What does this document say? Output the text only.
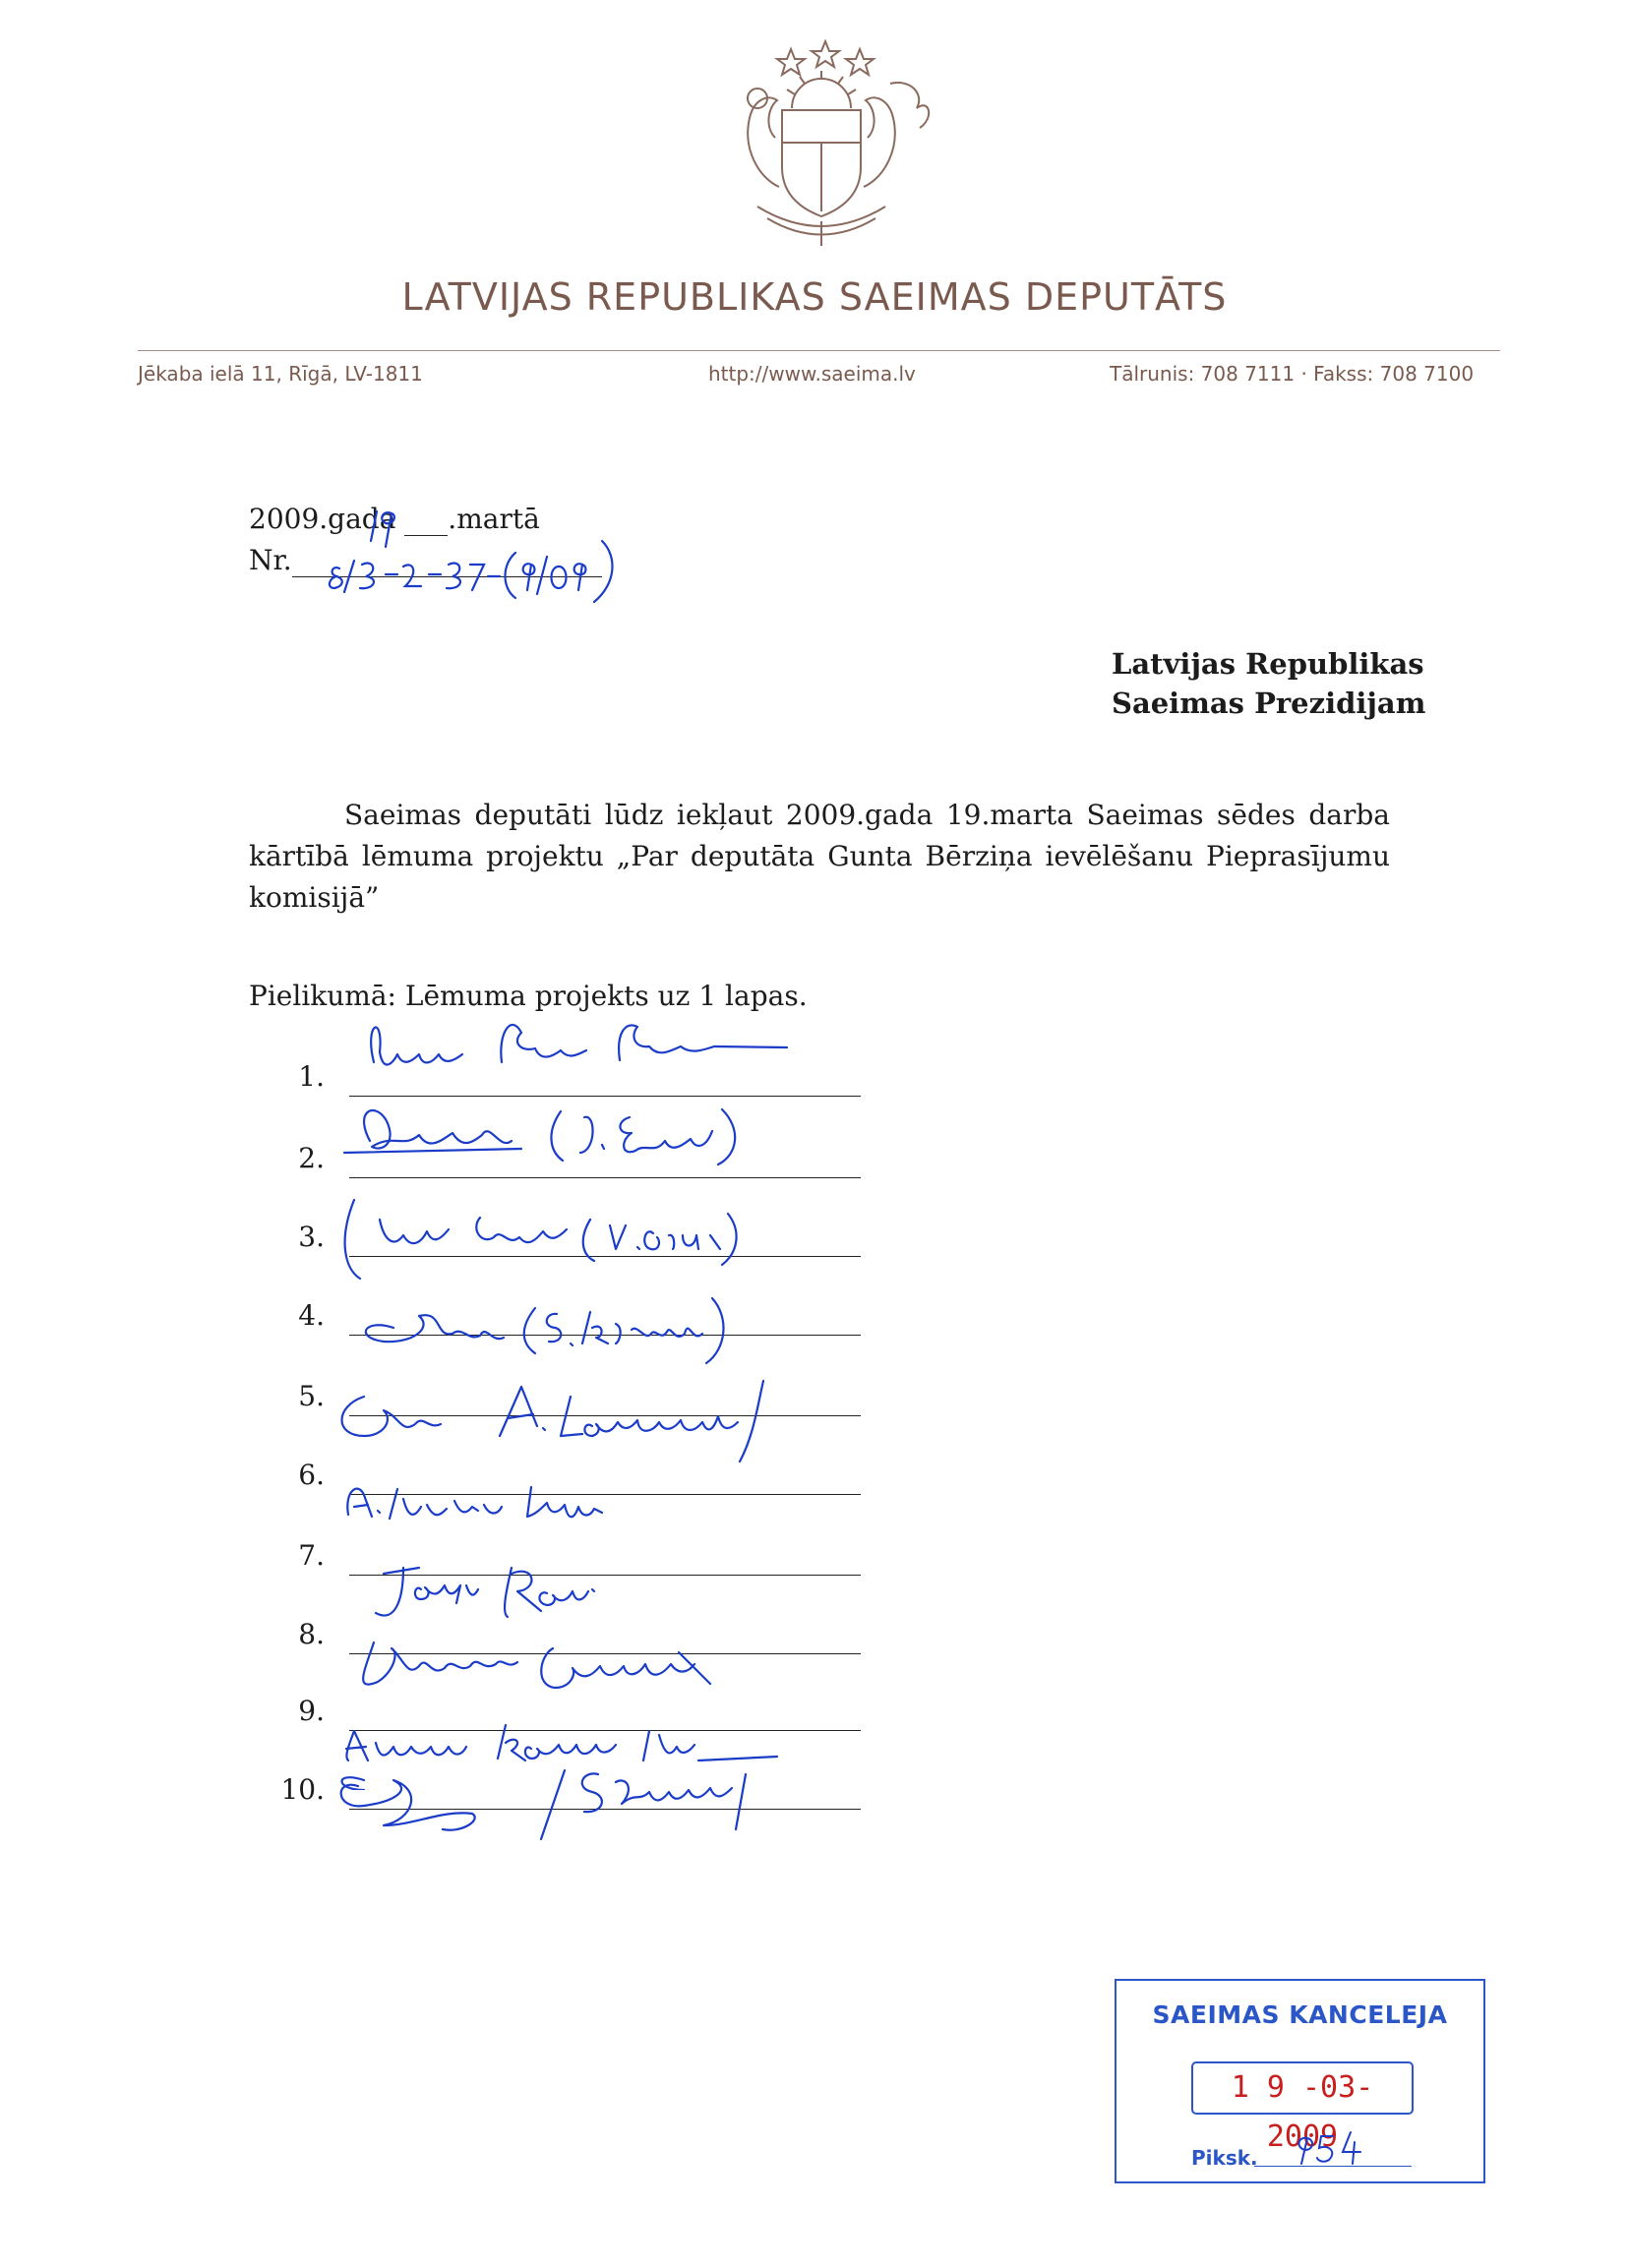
LATVIJAS REPUBLIKAS SAEIMAS DEPUTĀTS
Jēkaba ielā 11, Rīgā, LV-1811	http://www.saeima.lv	Tālrunis: 708 7111 · Fakss: 708 7100
2009.gada  .martā
Nr.
Latvijas Republikas
Saeimas Prezidijam

Saeimas deputāti lūdz iekļaut 2009.gada 19.marta Saeimas sēdes darba kārtībā lēmuma projektu „Par deputāta Gunta Bērziņa ievēlēšanu Pieprasījumu komisijā”

Pielikumā: Lēmuma projekts uz 1 lapas.
1.
2.
3.
4.
5.
6.
7.
8.
9.
10.
SAEIMAS KANCELEJA
1 9 -03- 2009
Piksk.
